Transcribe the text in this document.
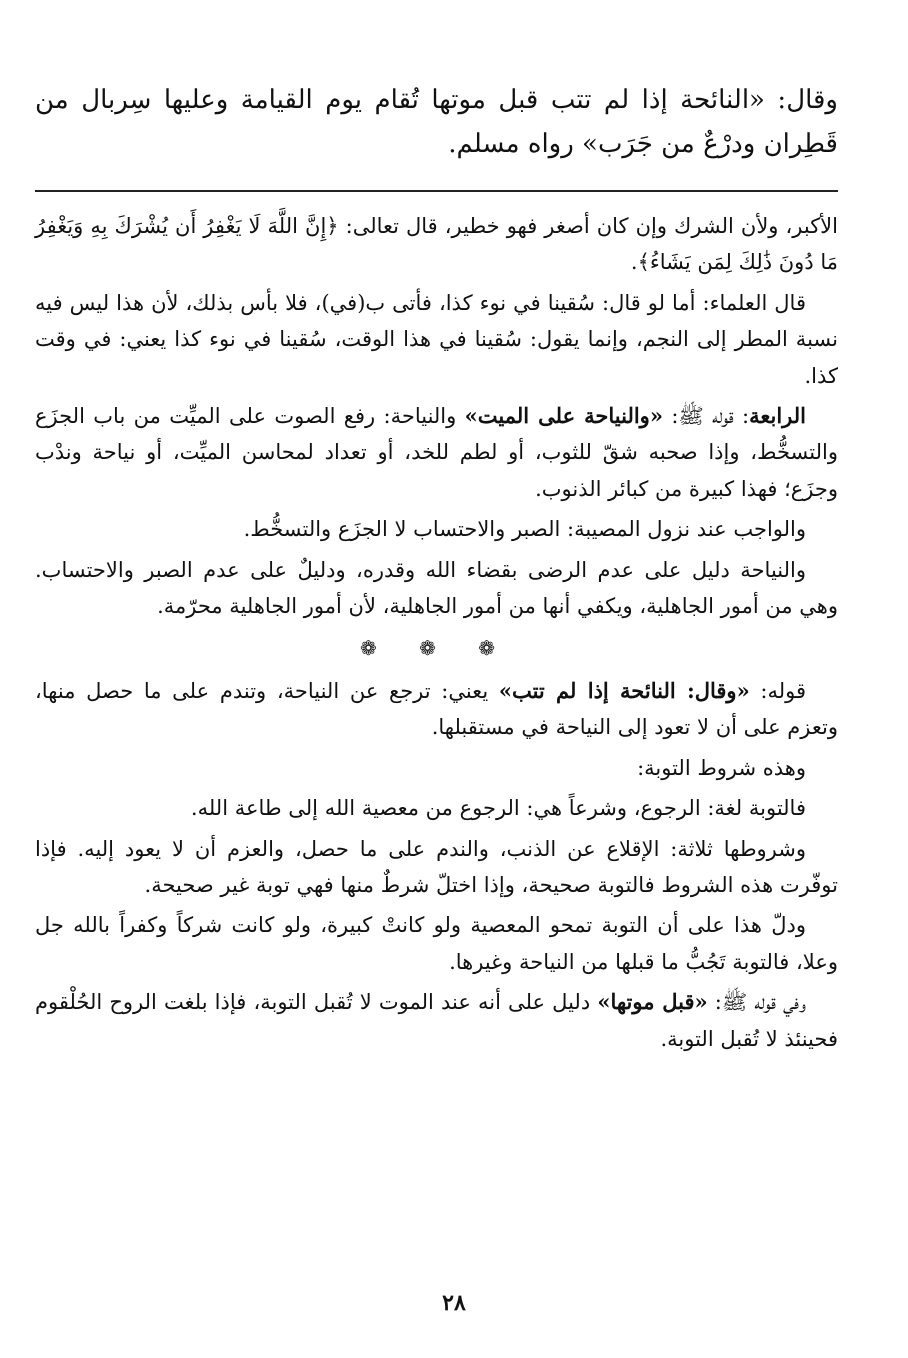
وقال: «النائحة إذا لم تتب قبل موتها تُقام يوم القيامة وعليها سِربال من قَطِران ودرْعٌ من جَرَب» رواه مسلم.

الأكبر، ولأن الشرك وإن كان أصغر فهو خطير، قال تعالى: ﴿إِنَّ اللَّهَ لَا يَغْفِرُ أَن يُشْرَكَ بِهِ وَيَغْفِرُ مَا دُونَ ذَٰلِكَ لِمَن يَشَاءُ﴾.

قال العلماء: أما لو قال: سُقينا في نوء كذا، فأتى ب(في)، فلا بأس بذلك، لأن هذا ليس فيه نسبة المطر إلى النجم، وإنما يقول: سُقينا في هذا الوقت، سُقينا في نوء كذا يعني: في وقت كذا.

الرابعة: قوله ﷺ: «والنياحة على الميت» والنياحة: رفع الصوت على الميِّت من باب الجزَع والتسخُّط، وإذا صحبه شقّ للثوب، أو لطم للخد، أو تعداد لمحاسن الميِّت، أو نياحة وندْب وجزَع؛ فهذا كبيرة من كبائر الذنوب.

والواجب عند نزول المصيبة: الصبر والاحتساب لا الجزَع والتسخُّط.

والنياحة دليل على عدم الرضى بقضاء الله وقدره، ودليلٌ على عدم الصبر والاحتساب. وهي من أمور الجاهلية، ويكفي أنها من أمور الجاهلية، لأن أمور الجاهلية محرّمة.

❁ ❁ ❁

قوله: «وقال: النائحة إذا لم تتب» يعني: ترجع عن النياحة، وتندم على ما حصل منها، وتعزم على أن لا تعود إلى النياحة في مستقبلها.

وهذه شروط التوبة:

فالتوبة لغة: الرجوع، وشرعاً هي: الرجوع من معصية الله إلى طاعة الله.

وشروطها ثلاثة: الإقلاع عن الذنب، والندم على ما حصل، والعزم أن لا يعود إليه. فإذا توفّرت هذه الشروط فالتوبة صحيحة، وإذا اختلّ شرطٌ منها فهي توبة غير صحيحة.

ودلّ هذا على أن التوبة تمحو المعصية ولو كانتْ كبيرة، ولو كانت شركاً وكفراً بالله جل وعلا، فالتوبة تَجُبُّ ما قبلها من النياحة وغيرها.

وفي قوله ﷺ: «قبل موتها» دليل على أنه عند الموت لا تُقبل التوبة، فإذا بلغت الروح الحُلْقوم فحينئذ لا تُقبل التوبة.

٢٨
